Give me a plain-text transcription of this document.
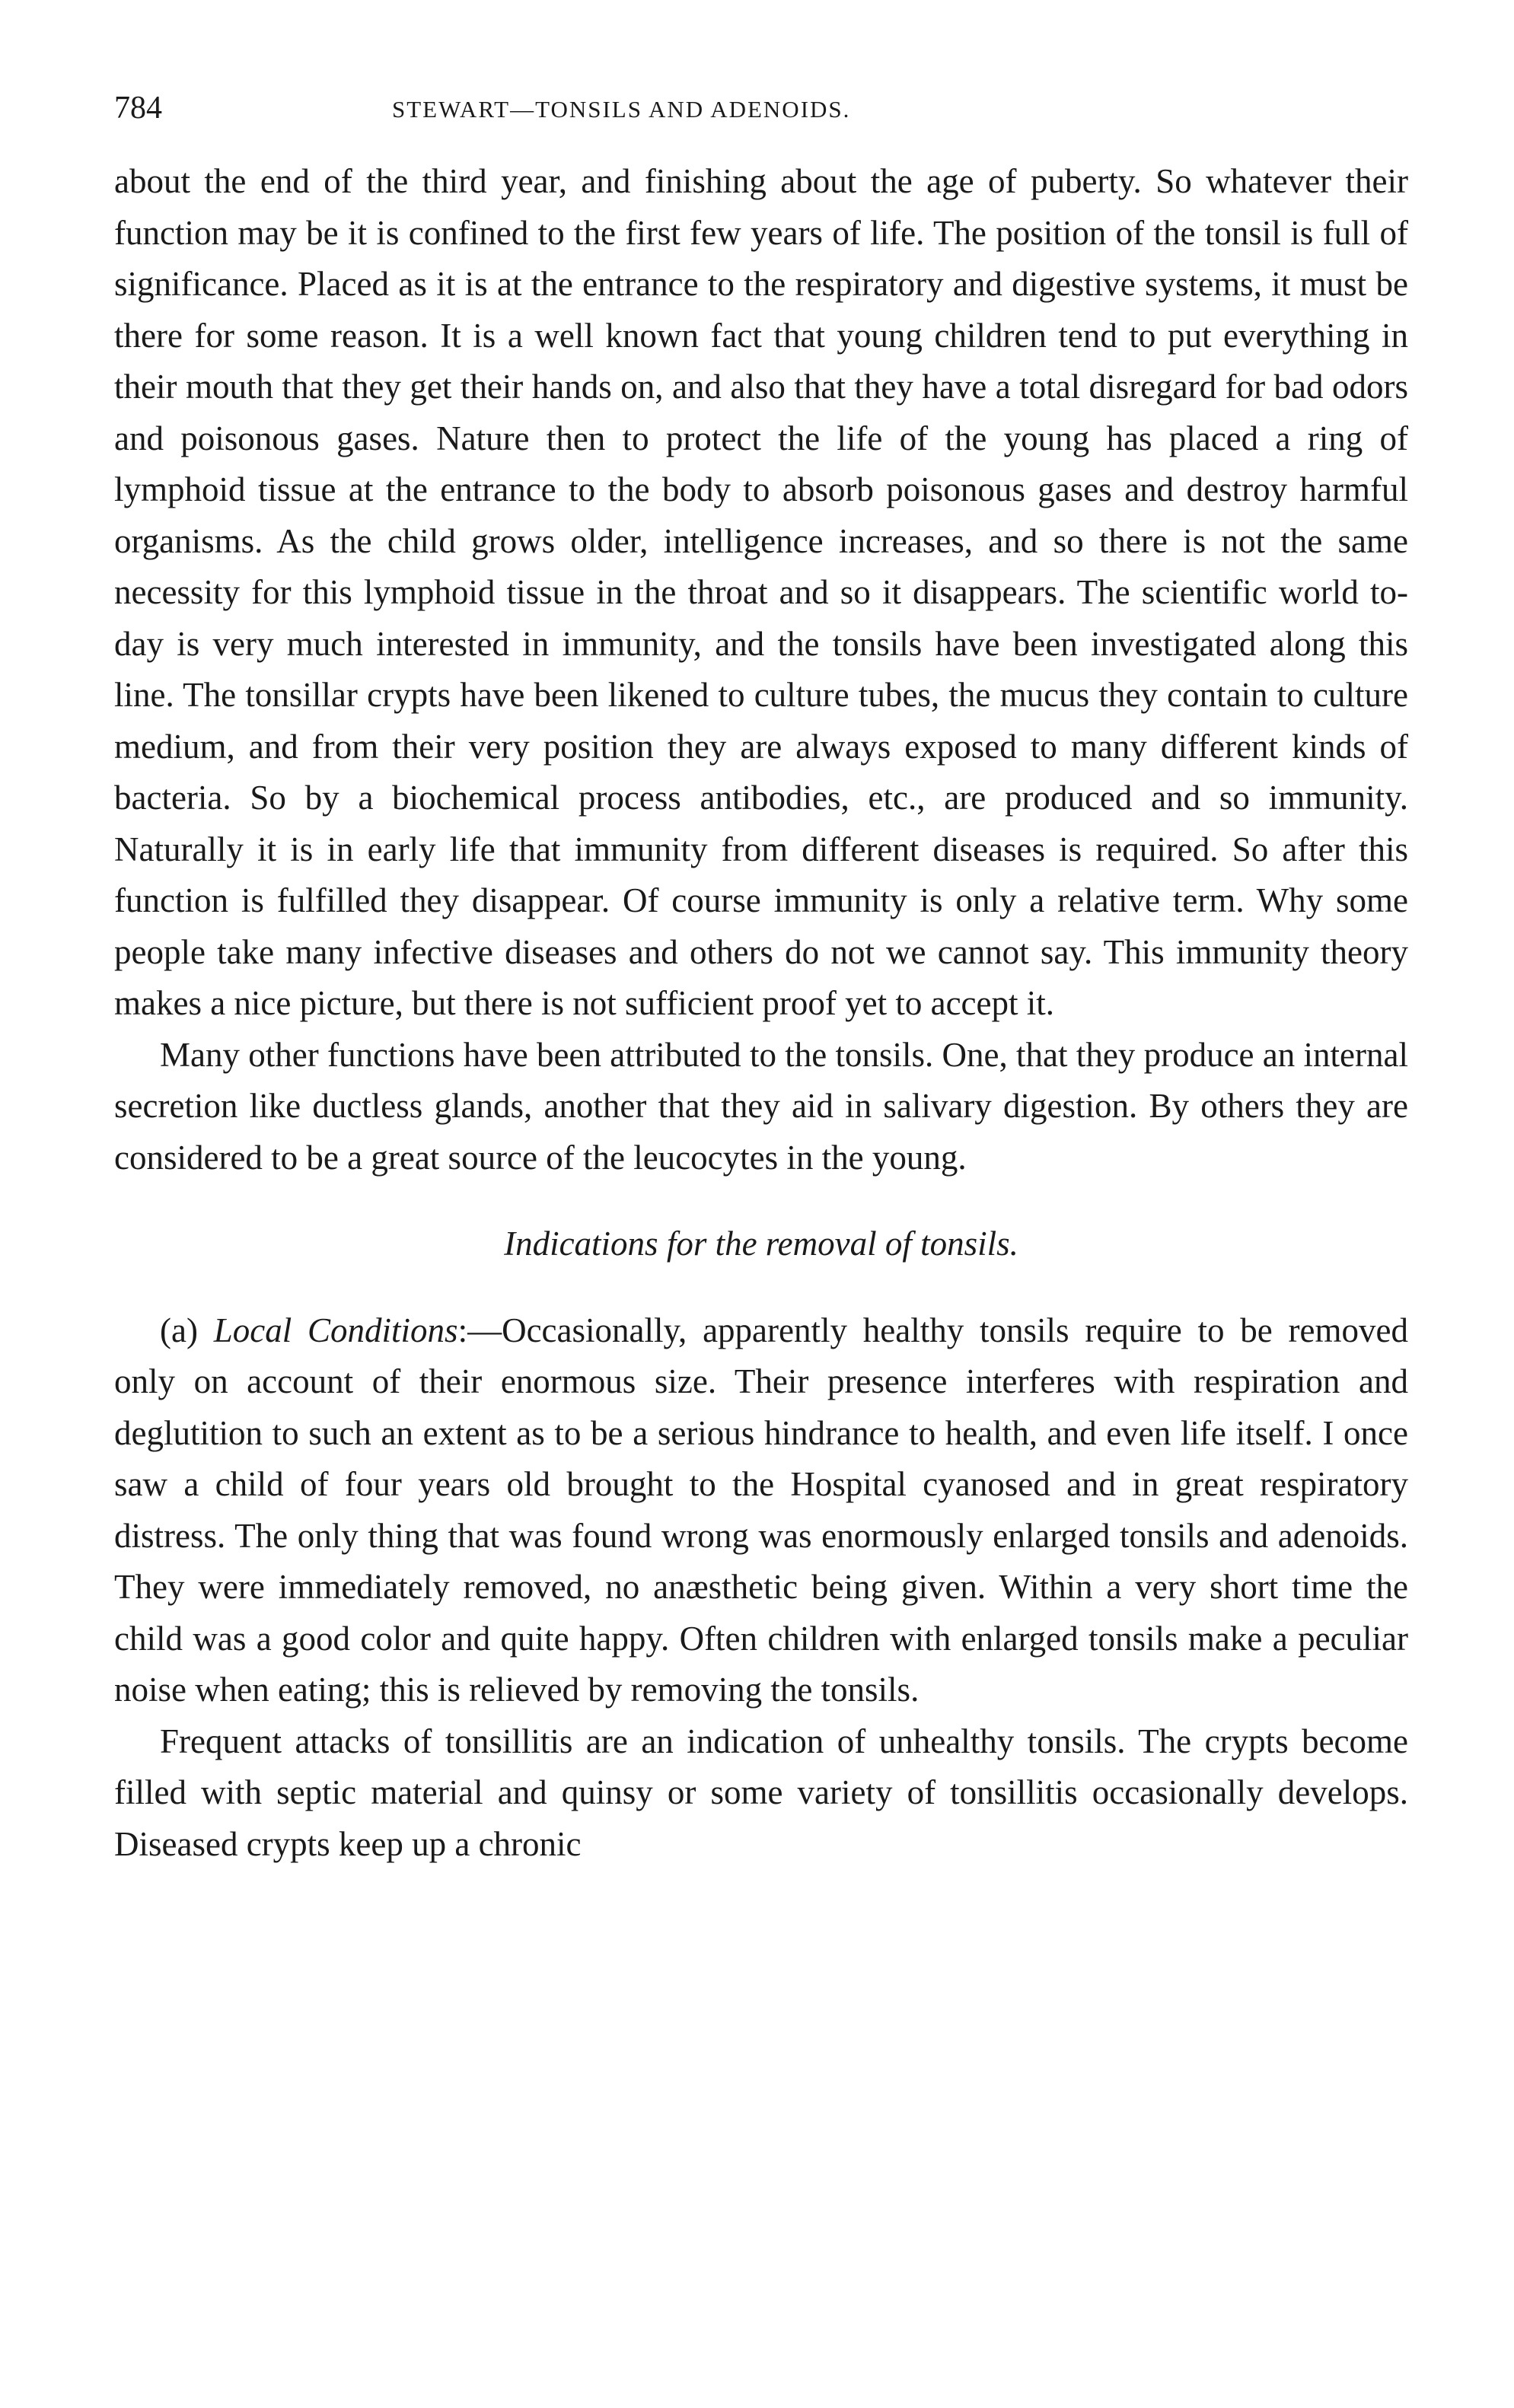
784	STEWART—TONSILS AND ADENOIDS.

about the end of the third year, and finishing about the age of puberty. So whatever their function may be it is confined to the first few years of life. The position of the tonsil is full of significance. Placed as it is at the entrance to the respiratory and digestive systems, it must be there for some reason. It is a well known fact that young children tend to put everything in their mouth that they get their hands on, and also that they have a total disregard for bad odors and poisonous gases. Nature then to protect the life of the young has placed a ring of lymphoid tissue at the entrance to the body to absorb poisonous gases and destroy harmful organisms. As the child grows older, intelligence increases, and so there is not the same necessity for this lymphoid tissue in the throat and so it disappears. The scientific world to-day is very much interested in immunity, and the tonsils have been investigated along this line. The tonsillar crypts have been likened to culture tubes, the mucus they contain to culture medium, and from their very position they are always exposed to many different kinds of bacteria. So by a biochemical process antibodies, etc., are produced and so immunity. Naturally it is in early life that immunity from different diseases is required. So after this function is fulfilled they disappear. Of course immunity is only a relative term. Why some people take many infective diseases and others do not we cannot say. This immunity theory makes a nice picture, but there is not sufficient proof yet to accept it.

Many other functions have been attributed to the tonsils. One, that they produce an internal secretion like ductless glands, another that they aid in salivary digestion. By others they are considered to be a great source of the leucocytes in the young.

Indications for the removal of tonsils.

(a) Local Conditions:—Occasionally, apparently healthy tonsils require to be removed only on account of their enormous size. Their presence interferes with respiration and deglutition to such an extent as to be a serious hindrance to health, and even life itself. I once saw a child of four years old brought to the Hospital cyanosed and in great respiratory distress. The only thing that was found wrong was enormously enlarged tonsils and adenoids. They were immediately removed, no anæsthetic being given. Within a very short time the child was a good color and quite happy. Often children with enlarged tonsils make a peculiar noise when eating; this is relieved by removing the tonsils.

Frequent attacks of tonsillitis are an indication of unhealthy tonsils. The crypts become filled with septic material and quinsy or some variety of tonsillitis occasionally develops. Diseased crypts keep up a chronic
